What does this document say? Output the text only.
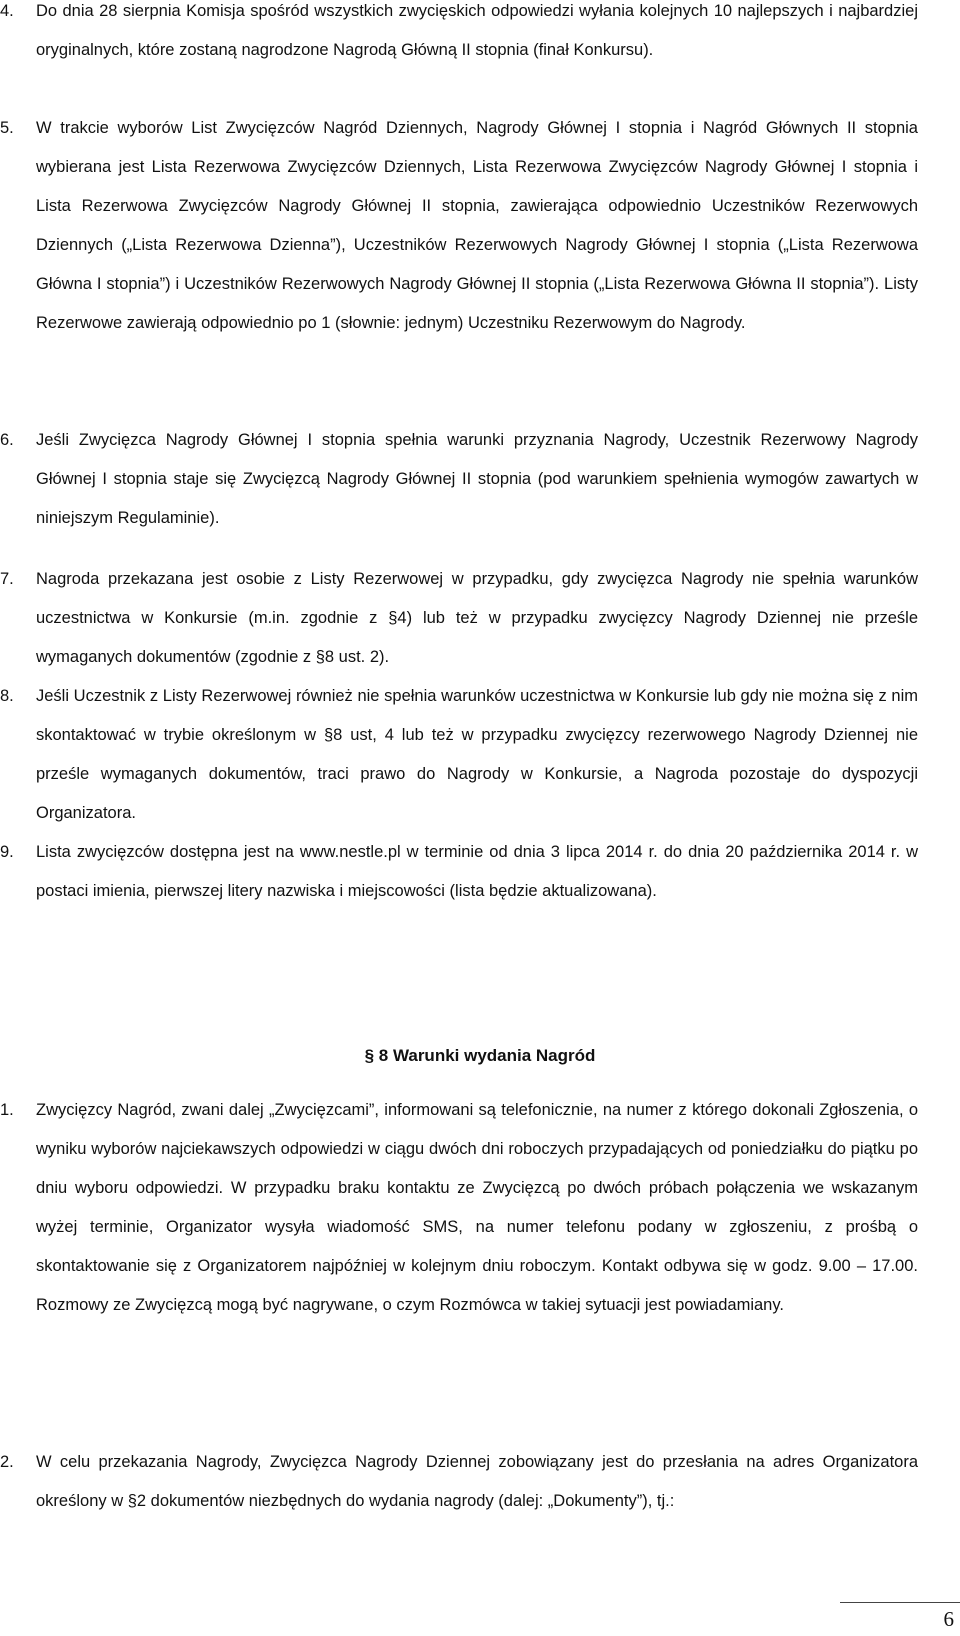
4.	Do dnia 28 sierpnia Komisja spośród wszystkich zwycięskich odpowiedzi wyłania kolejnych 10 najlepszych i najbardziej oryginalnych, które zostaną nagrodzone Nagrodą Główną II stopnia (finał Konkursu).
5.	W trakcie wyborów List Zwycięzców Nagród Dziennych, Nagrody Głównej I stopnia i Nagród Głównych II stopnia wybierana jest Lista Rezerwowa Zwycięzców Dziennych, Lista Rezerwowa Zwycięzców Nagrody Głównej I stopnia i Lista Rezerwowa Zwycięzców Nagrody Głównej II stopnia, zawierająca odpowiednio Uczestników Rezerwowych Dziennych („Lista Rezerwowa Dzienna”), Uczestników Rezerwowych Nagrody Głównej I stopnia („Lista Rezerwowa Główna I stopnia”) i Uczestników Rezerwowych Nagrody Głównej II stopnia („Lista Rezerwowa Główna II stopnia”). Listy Rezerwowe zawierają odpowiednio po 1 (słownie: jednym) Uczestniku Rezerwowym do Nagrody.
6.	Jeśli Zwycięzca Nagrody Głównej I stopnia spełnia warunki przyznania Nagrody, Uczestnik Rezerwowy Nagrody Głównej I stopnia staje się Zwycięzcą Nagrody Głównej II stopnia (pod warunkiem spełnienia wymogów zawartych w niniejszym Regulaminie).
7.	Nagroda przekazana jest osobie z Listy Rezerwowej w przypadku, gdy zwycięzca Nagrody nie spełnia warunków uczestnictwa w Konkursie (m.in. zgodnie z §4) lub też w przypadku zwycięzcy Nagrody Dziennej nie prześle wymaganych dokumentów (zgodnie z §8 ust. 2).
8.	Jeśli Uczestnik z Listy Rezerwowej również nie spełnia warunków uczestnictwa w Konkursie lub gdy nie można się z nim skontaktować w trybie określonym w §8 ust, 4 lub też w przypadku zwycięzcy rezerwowego Nagrody Dziennej nie prześle wymaganych dokumentów, traci prawo do Nagrody w Konkursie, a Nagroda pozostaje do dyspozycji Organizatora.
9.	Lista zwycięzców dostępna jest na www.nestle.pl w terminie od dnia 3 lipca 2014 r. do dnia 20 października 2014 r. w postaci imienia, pierwszej litery nazwiska i miejscowości (lista będzie aktualizowana).
§ 8 Warunki wydania Nagród
1.	Zwycięzcy Nagród, zwani dalej „Zwycięzcami”, informowani są telefonicznie, na numer z którego dokonali Zgłoszenia, o wyniku wyborów najciekawszych odpowiedzi w ciągu dwóch dni roboczych przypadających od poniedziałku do piątku po dniu wyboru odpowiedzi. W przypadku braku kontaktu ze Zwycięzcą po dwóch próbach połączenia we wskazanym wyżej terminie, Organizator wysyła wiadomość SMS, na numer telefonu podany w zgłoszeniu, z prośbą o skontaktowanie się z Organizatorem najpóźniej w kolejnym dniu roboczym. Kontakt odbywa się w godz. 9.00 – 17.00. Rozmowy ze Zwycięzcą mogą być nagrywane, o czym Rozmówca w takiej sytuacji jest powiadamiany.
2.	W celu przekazania Nagrody, Zwycięzca Nagrody Dziennej zobowiązany jest do przesłania na adres Organizatora określony w §2 dokumentów niezbędnych do wydania nagrody (dalej: „Dokumenty”), tj.:
6
